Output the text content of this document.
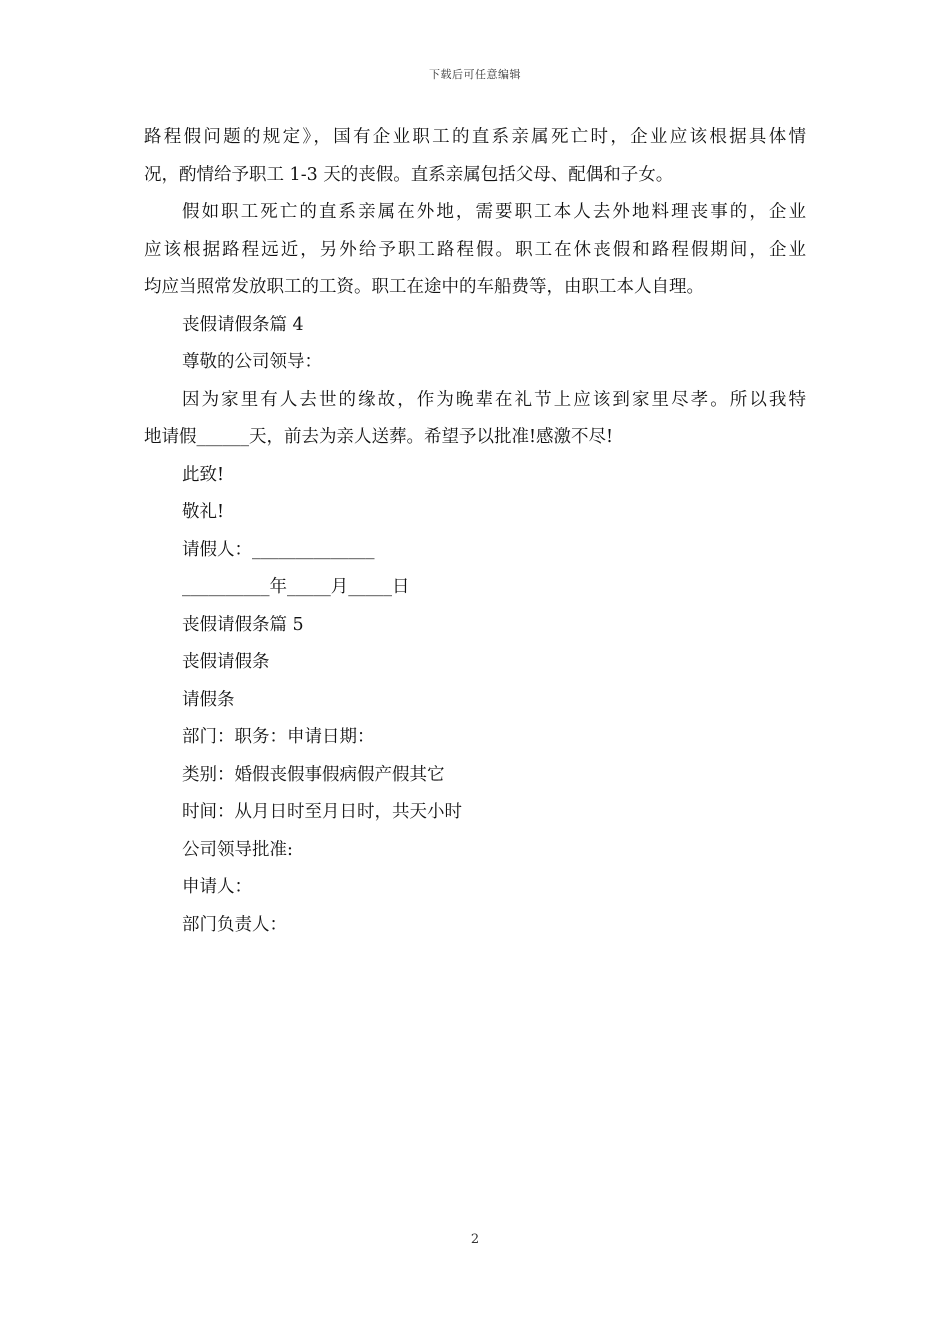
下载后可任意编辑

路程假问题的规定》，国有企业职工的直系亲属死亡时，企业应该根据具体情

况，酌情给予职工 1-3 天的丧假。直系亲属包括父母、配偶和子女。

假如职工死亡的直系亲属在外地，需要职工本人去外地料理丧事的，企业

应该根据路程远近，另外给予职工路程假。职工在休丧假和路程假期间，企业

均应当照常发放职工的工资。职工在途中的车船费等，由职工本人自理。

丧假请假条篇 4

尊敬的公司领导：

因为家里有人去世的缘故，作为晚辈在礼节上应该到家里尽孝。所以我特

地请假______天，前去为亲人送葬。希望予以批准!感激不尽!

此致!

敬礼!

请假人：______________

__________年_____月_____日

丧假请假条篇 5

丧假请假条

请假条

部门：职务：申请日期：

类别：婚假丧假事假病假产假其它

时间：从月日时至月日时，共天小时

公司领导批准:

申请人：

部门负责人：

2
